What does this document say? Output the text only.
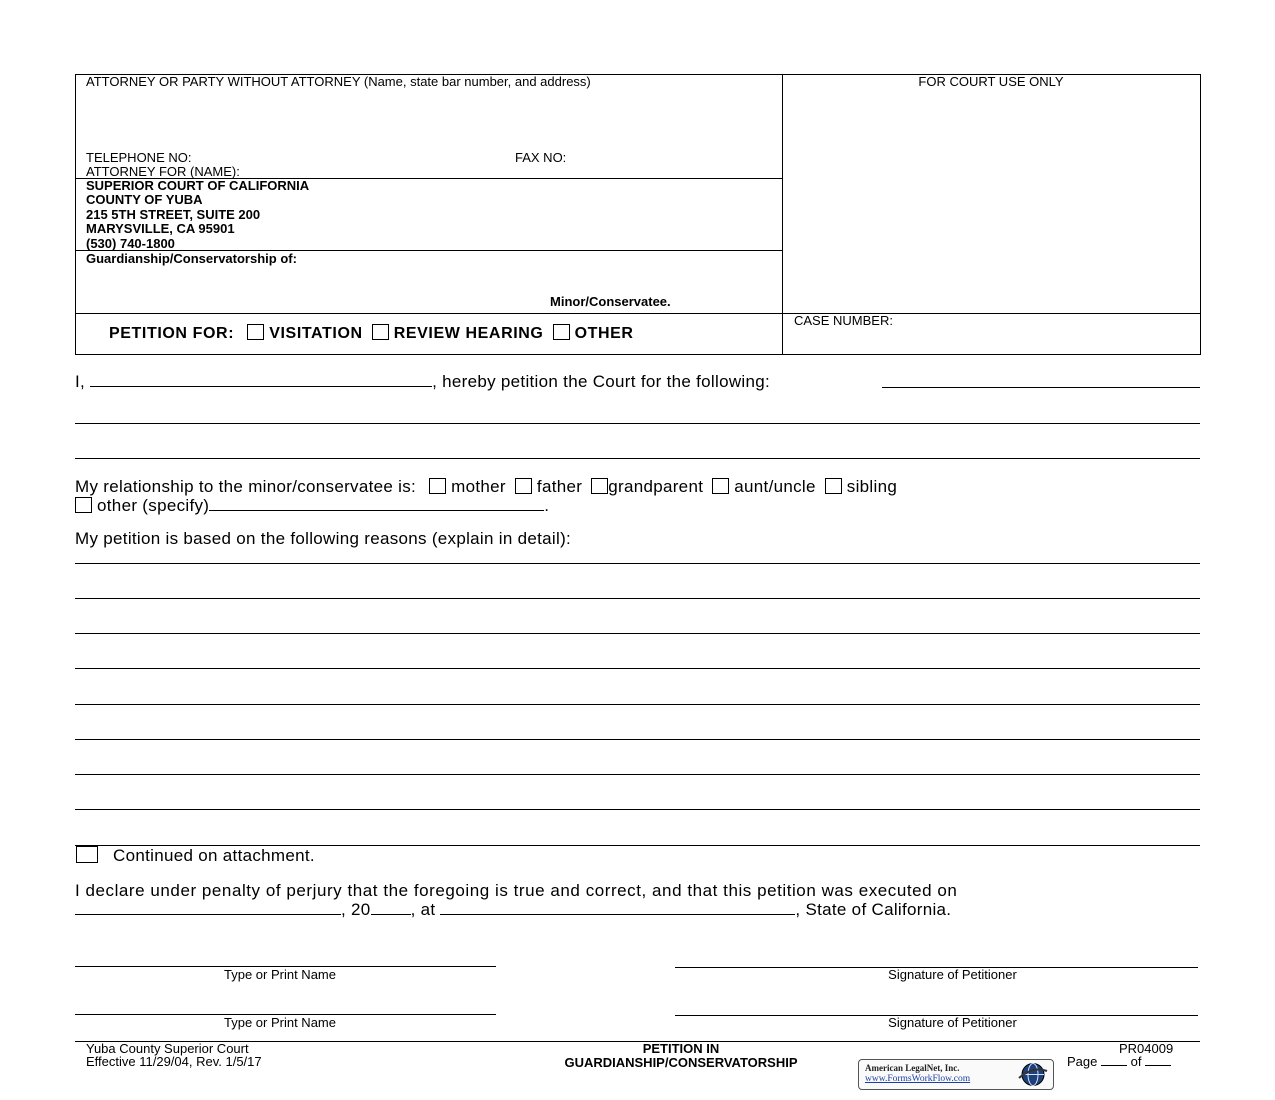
ATTORNEY OR PARTY WITHOUT ATTORNEY (Name, state bar number, and address)	FOR COURT USE ONLY
TELEPHONE NO:	FAX NO:
ATTORNEY FOR (NAME):
SUPERIOR COURT OF CALIFORNIA
COUNTY OF YUBA
215 5TH STREET, SUITE 200
MARYSVILLE, CA 95901
(530) 740-1800
Guardianship/Conservatorship of:
Minor/Conservatee.
CASE NUMBER:
PETITION FOR: VISITATION REVIEW HEARING OTHER
I,	, hereby petition the Court for the following:
My relationship to the minor/conservatee is: mother father grandparent aunt/uncle sibling
other (specify)	.
My petition is based on the following reasons (explain in detail):
Continued on attachment.
I declare under penalty of perjury that the foregoing is true and correct, and that this petition was executed on
, 20 , at	, State of California.
Type or Print Name	Signature of Petitioner
Type or Print Name	Signature of Petitioner
Yuba County Superior Court
Effective 11/29/04, Rev. 1/5/17
PETITION IN
GUARDIANSHIP/CONSERVATORSHIP
PR04009
Page	of
American LegalNet, Inc.
www.FormsWorkFlow.com
